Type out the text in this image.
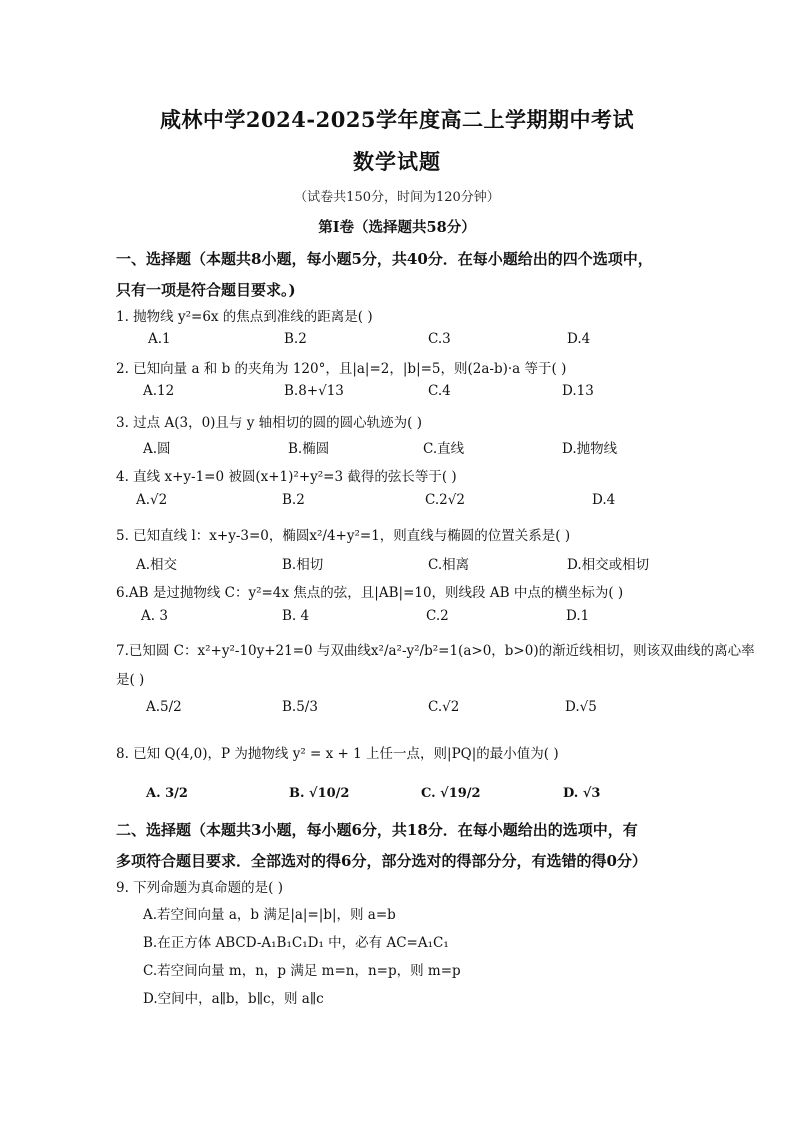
咸林中学2024-2025学年度高二上学期期中考试
数学试题
（试卷共150分，时间为120分钟）
第Ⅰ卷（选择题共58分）
一、选择题（本题共8小题，每小题5分，共40分．在每小题给出的四个选项中，
只有一项是符合题目要求。)
1. 抛物线 y²=6x 的焦点到准线的距离是( )
A.1	B.2	C.3	D.4
2. 已知向量 a 和 b 的夹角为 120°，且|a|=2，|b|=5，则(2a-b)·a 等于( )
A.12	B.8+√13	C.4	D.13
3. 过点 A(3，0)且与 y 轴相切的圆的圆心轨迹为( )
A.圆	B.椭圆	C.直线	D.抛物线
4. 直线 x+y-1=0 被圆(x+1)²+y²=3 截得的弦长等于( )
A.√2	B.2	C.2√2	D.4
5. 已知直线 l：x+y-3=0，椭圆x²/4+y²=1，则直线与椭圆的位置关系是( )
A.相交	B.相切	C.相离	D.相交或相切
6.AB 是过抛物线 C：y²=4x 焦点的弦，且|AB|=10，则线段 AB 中点的横坐标为( )
A. 3	B. 4	C.2	D.1
7.已知圆 C：x²+y²-10y+21=0 与双曲线x²/a²-y²/b²=1(a>0，b>0)的渐近线相切，则该双曲线的离心率
是( )
A.5/2	B.5/3	C.√2	D.√5
8. 已知 Q(4,0)，P 为抛物线 y² = x + 1 上任一点，则|PQ|的最小值为( )
A. 3/2	B. √10/2	C. √19/2	D. √3
二、选择题（本题共3小题，每小题6分，共18分．在每小题给出的选项中，有
多项符合题目要求．全部选对的得6分，部分选对的得部分分，有选错的得0分）
9. 下列命题为真命题的是( )
A.若空间向量 a，b 满足|a|=|b|，则 a=b
B.在正方体 ABCD-A₁B₁C₁D₁ 中，必有 AC=A₁C₁
C.若空间向量 m，n，p 满足 m=n，n=p，则 m=p
D.空间中，a∥b，b∥c，则 a∥c
